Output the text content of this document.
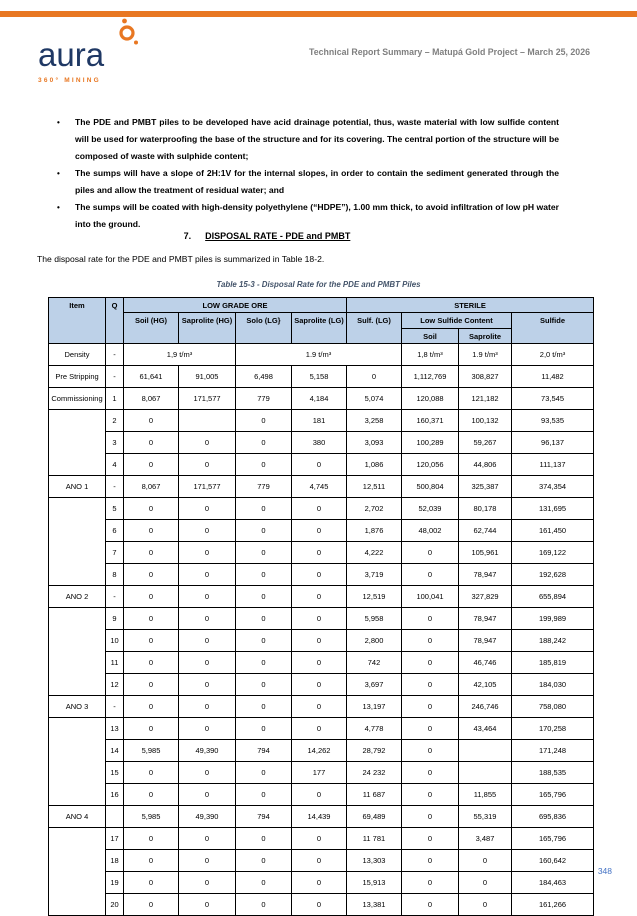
aura
360° MINING
Technical Report Summary – Matupá Gold Project – March 25, 2026
•	The PDE and PMBT piles to be developed have acid drainage potential, thus, waste material with low sulfide content will be used for waterproofing the base of the structure and for its covering. The central portion of the structure will be composed of waste with sulphide content;
•	The sumps will have a slope of 2H:1V for the internal slopes, in order to contain the sediment generated through the piles and allow the treatment of residual water; and
•	The sumps will be coated with high-density polyethylene (“HDPE”), 1.00 mm thick, to avoid infiltration of low pH water into the ground.
7. DISPOSAL RATE - PDE and PMBT
The disposal rate for the PDE and PMBT piles is summarized in Table 18-2.
Table 15-3 - Disposal Rate for the PDE and PMBT Piles
Item	Q	LOW GRADE ORE				STERILE			
		Soil (HG)	Saprolite (HG)	Solo (LG}	Saprolite (LG)	Sulf. (LG)	Low Sulfide Content		Sulfide
							Soil	Saprolite	
Density	-	1,9 t/m³		1.9 t/m³			1,8 t/m³	1.9 t/m³	2,0 t/m³
Pre Stripping	-	61,641	91,005	6,498	5,158	0	1,112,769	308,827	11,482
Commissioning	1	8,067	171,577	779	4,184	5,074	120,088	121,182	73,545
	2	0		0	181	3,258	160,371	100,132	93,535
	3	0	0	0	380	3,093	100,289	59,267	96,137
	4	0	0	0	0	1,086	120,056	44,806	111,137
ANO 1	-	8,067	171,577	779	4,745	12,511	500,804	325,387	374,354
	5	0	0	0	0	2,702	52,039	80,178	131,695
	6	0	0	0	0	1,876	48,002	62,744	161,450
	7	0	0	0	0	4,222	0	105,961	169,122
	8	0	0	0	0	3,719	0	78,947	192,628
ANO 2	-	0	0	0	0	12,519	100,041	327,829	655,894
	9	0	0	0	0	5,958	0	78,947	199,989
	10	0	0	0	0	2,800	0	78,947	188,242
	11	0	0	0	0	742	0	46,746	185,819
	12	0	0	0	0	3,697	0	42,105	184,030
ANO 3	-	0	0	0	0	13,197	0	246,746	758,080
	13	0	0	0	0	4,778	0	43,464	170,258
	14	5,985	49,390	794	14,262	28,792	0		171,248
	15	0	0	0	177	24 232	0		188,535
	16	0	0	0	0	11 687	0	11,855	165,796
ANO 4		5,985	49,390	794	14,439	69,489	0	55,319	695,836
	17	0	0	0	0	11 781	0	3,487	165,796
	18	0	0	0	0	13,303	0	0	160,642
	19	0	0	0	0	15,913	0	0	184,463
	20	0	0	0	0	13,381	0	0	161,266
348
